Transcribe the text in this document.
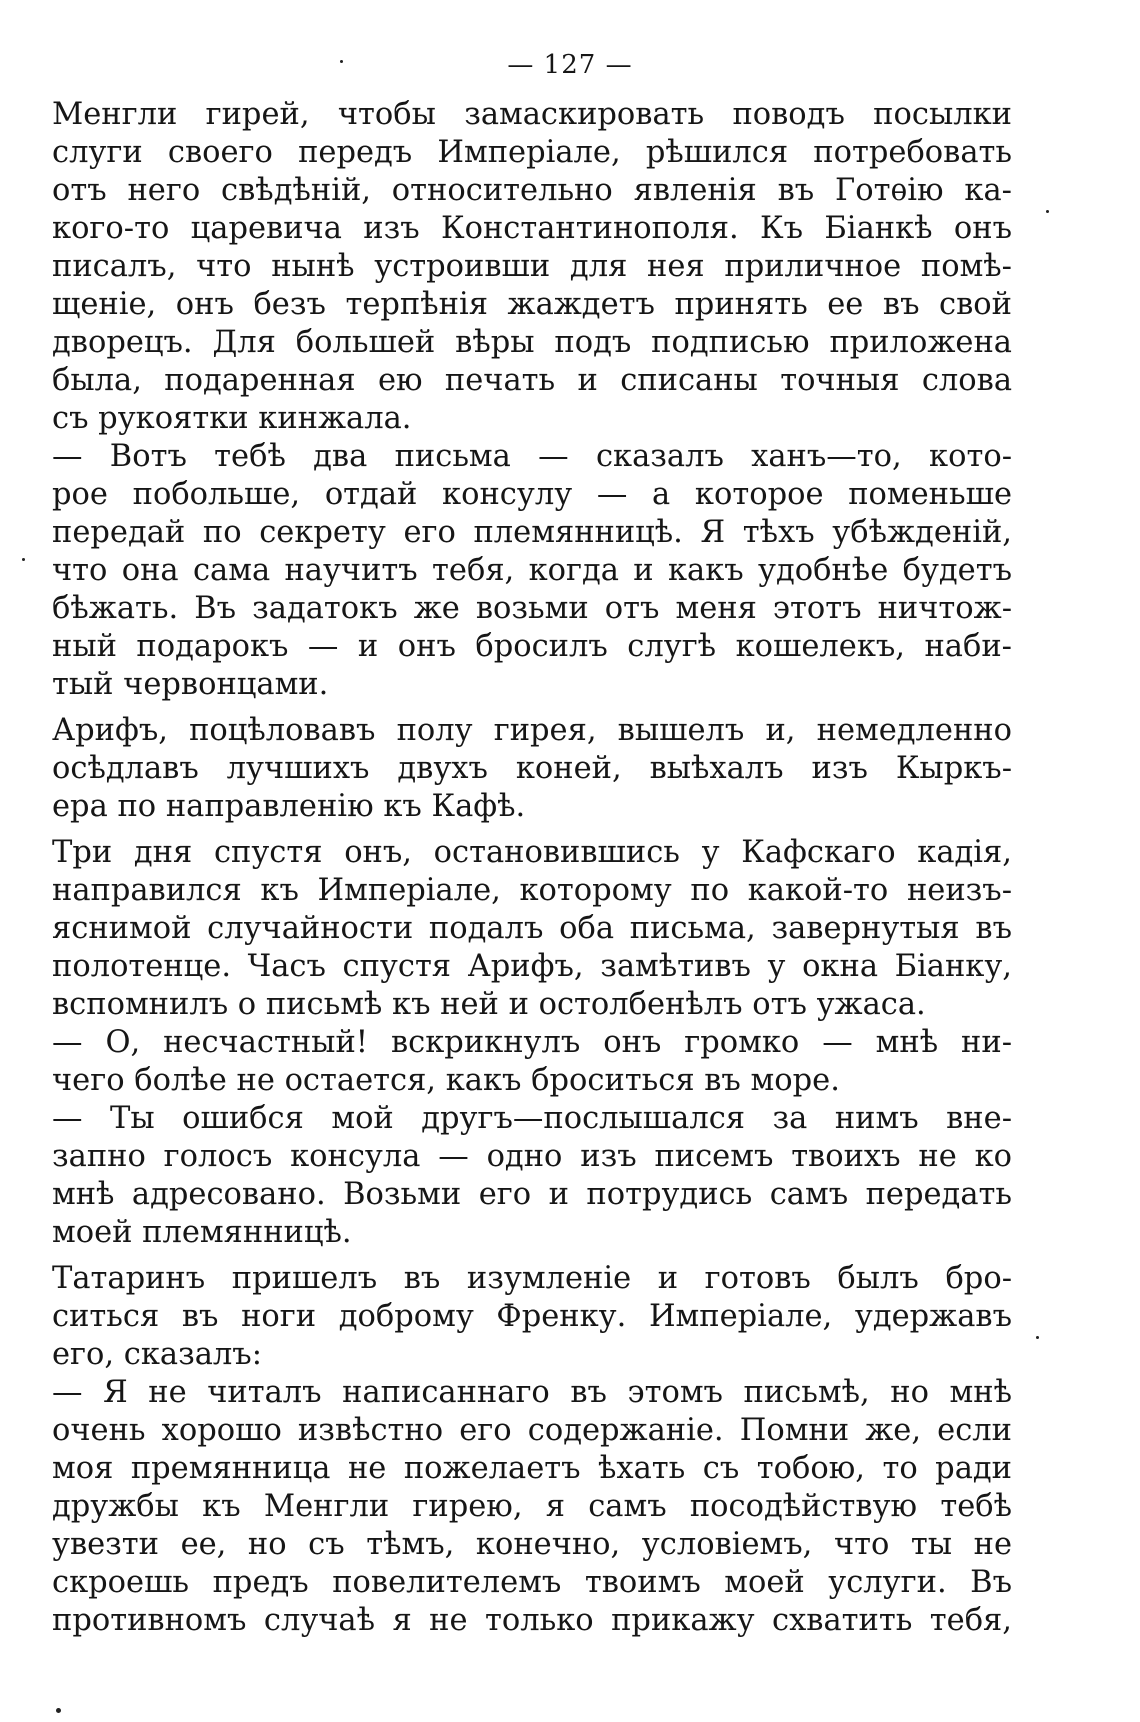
— 127 —
Менгли гирей, чтобы замаскировать поводъ посылки
слуги своего передъ Имперiале, рѣшился потребовать
отъ него свѣдѣнiй, относительно явленiя въ Готѳiю ка-
кого-то царевича изъ Константинополя. Къ Бiанкѣ онъ
писалъ, что нынѣ устроивши для нея приличное помѣ-
щенiе, онъ безъ терпѣнiя жаждетъ принять ее въ свой
дворецъ. Для большей вѣры подъ подписью приложена
была, подаренная ею печать и списаны точныя слова
съ рукоятки кинжала.
— Вотъ тебѣ два письма — сказалъ ханъ—то, кото-
рое побольше, отдай консулу — а которое поменьше
передай по секрету его племянницѣ. Я тѣхъ убѣжденiй,
что она сама научитъ тебя, когда и какъ удобнѣе будетъ
бѣжать. Въ задатокъ же возьми отъ меня этотъ ничтож-
ный подарокъ — и онъ бросилъ слугѣ кошелекъ, наби-
тый червонцами.
Арифъ, поцѣловавъ полу гирея, вышелъ и, немедленно
осѣдлавъ лучшихъ двухъ коней, выѣхалъ изъ Кыркъ-
ера по направленiю къ Кафѣ.
Три дня спустя онъ, остановившись у Кафскаго кадiя,
направился къ Имперiале, которому по какой-то неизъ-
яснимой случайности подалъ оба письма, завернутыя въ
полотенце. Часъ спустя Арифъ, замѣтивъ у окна Бiанку,
вспомнилъ о письмѣ къ ней и остолбенѣлъ отъ ужаса.
— О, несчастный! вскрикнулъ онъ громко — мнѣ ни-
чего болѣе не остается, какъ броситься въ море.
— Ты ошибся мой другъ—послышался за нимъ вне-
запно голосъ консула — одно изъ писемъ твоихъ не ко
мнѣ адресовано. Возьми его и потрудись самъ передать
моей племянницѣ.
Татаринъ пришелъ въ изумленiе и готовъ былъ бро-
ситься въ ноги доброму Френку. Имперiале, удержавъ
его, сказалъ:
— Я не читалъ написаннаго въ этомъ письмѣ, но мнѣ
очень хорошо извѣстно его содержанiе. Помни же, если
моя премянница не пожелаетъ ѣхать съ тобою, то ради
дружбы къ Менгли гирею, я самъ посодѣйствую тебѣ
увезти ее, но съ тѣмъ, конечно, условiемъ, что ты не
скроешь предъ повелителемъ твоимъ моей услуги. Въ
противномъ случаѣ я не только прикажу схватить тебя,
